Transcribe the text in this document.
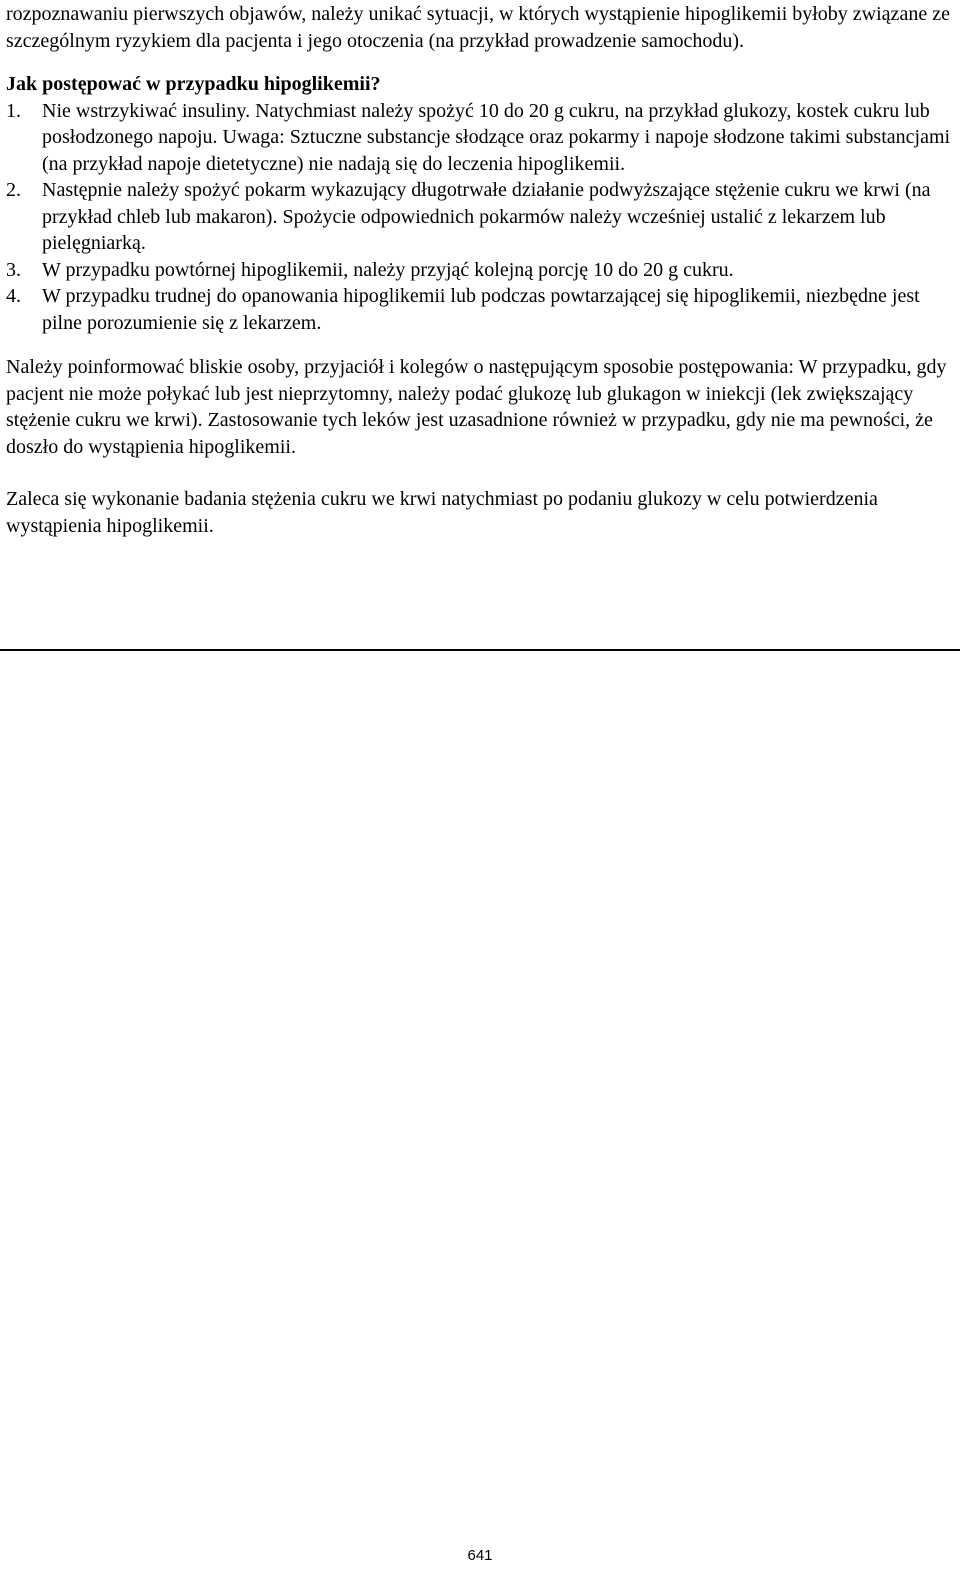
rozpoznawaniu pierwszych objawów, należy unikać sytuacji, w których wystąpienie hipoglikemii byłoby związane ze szczególnym ryzykiem dla pacjenta i jego otoczenia (na przykład prowadzenie samochodu).

Jak postępować w przypadku hipoglikemii?

1.	Nie wstrzykiwać insuliny. Natychmiast należy spożyć 10 do 20 g cukru, na przykład glukozy, kostek cukru lub posłodzonego napoju. Uwaga: Sztuczne substancje słodzące oraz pokarmy i napoje słodzone takimi substancjami (na przykład napoje dietetyczne) nie nadają się do leczenia hipoglikemii.
2.	Następnie należy spożyć pokarm wykazujący długotrwałe działanie podwyższające stężenie cukru we krwi (na przykład chleb lub makaron). Spożycie odpowiednich pokarmów należy wcześniej ustalić z lekarzem lub pielęgniarką.
3.	W przypadku powtórnej hipoglikemii, należy przyjąć kolejną porcję 10 do 20 g cukru.
4.	W przypadku trudnej do opanowania hipoglikemii lub podczas powtarzającej się hipoglikemii, niezbędne jest pilne porozumienie się z lekarzem.

Należy poinformować bliskie osoby, przyjaciół i kolegów o następującym sposobie postępowania: W przypadku, gdy pacjent nie może połykać lub jest nieprzytomny, należy podać glukozę lub glukagon w iniekcji (lek zwiększający stężenie cukru we krwi). Zastosowanie tych leków jest uzasadnione również w przypadku, gdy nie ma pewności, że doszło do wystąpienia hipoglikemii.

Zaleca się wykonanie badania stężenia cukru we krwi natychmiast po podaniu glukozy w celu potwierdzenia wystąpienia hipoglikemii.

641
